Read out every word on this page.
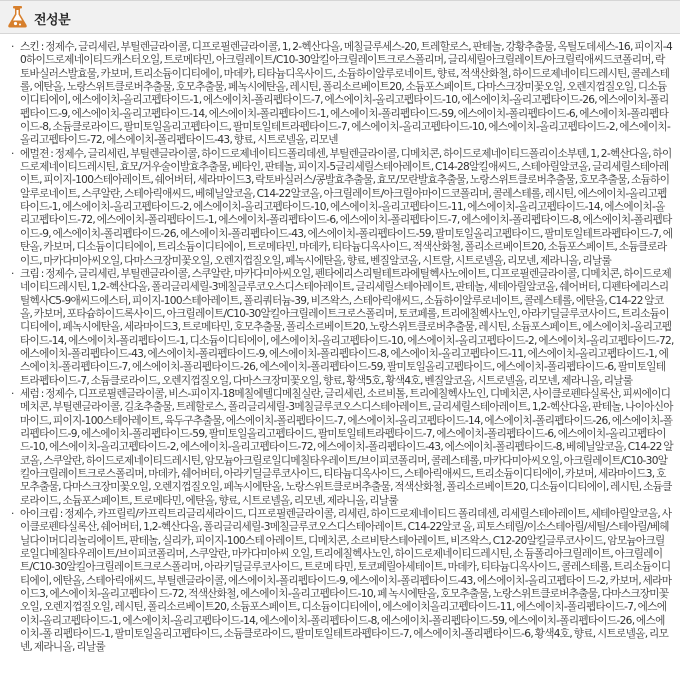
전성분

· 스킨 : 정제수, 글리세린, 부틸렌글라이콜, 디프로필렌글라이콜, 1, 2-헥산다올, 메칠글루세스-20, 트레할로스, 판테놀, 강황추출물, 옥틸도데세스-16, 피이지-40하이드로제네이티드캐스터오일, 트로메타민, 아크릴레이트/C10-30알킬아크릴레이트크로스폴리머, 글리세릴아크릴레이트/아크릴릭애씨드코폴리머, 락토바실러스발효물, 카보머, 트리소듐이디티에이, 마데카, 티타늄디옥사이드, 소듐하이알루로네이트, 향료, 적색산화철, 하이드로제네이티드레시틴, 콜레스테롤, 에탄올, 노랑스위트클로버추출물, 호모추출물, 페녹시에탄올, 레시틴, 폴리소르베이트20, 소듐포스페이트, 다마스크장미꽃오일, 오렌지껍질오일, 디소듐이디티에이, 에스에이치-올리고펩타이드-1, 에스에이치-폴리펩타이드-7, 에스에이치-올리고펩타이드-10, 에스에이치-올리고펩타이드-26, 에스에이치-폴리펩타이드-9, 에스에이치-올리고펩타이드-14, 에스에이치-폴리펩타이드-1, 에스에이치-폴리펩타이드-59, 에스에이치-폴리펩타이드-6, 에스에이치-폴리펩타이드-8, 소듐클로라이드, 팔미토일올리고펩타이드, 팔미토일테트라펩타이드-7, 에스에이치-올리고펩타이드-10, 에스에이치-올리고펩타이드-2, 에스에이치-올리고펩타이드-72, 에스에이치-폴리펩타이드-43, 향료, 시트로넬올, 리모넨

· 에멀젼 : 정제수, 글리세린, 부틸렌글라이콜, 하이드로제네이티드폴리데센, 부틸렌글라이콜, 디메치콘, 하이드로제네이티드폴리이소부텐, 1, 2-헥산다올, 하이드로제네이티드레시틴, 효모/거우술이발효추출물, 베타인, 판테놀, 피이지-5글리세릴스테아레이트, C14-28알킬애씨드, 스테아릴알코올, 글리세릴스테아레이트, 피이지-100스테아레이트, 쉐어버터, 세라마이드3, 락토바실러스/콩발효추출물, 효모/모란발효추출물, 노랑스위트클로버추출물, 호모추출물, 소듐하이알루로네이트, 스쿠알란, 스테아릭애씨드, 베헤닐알코올, C14-22알코올, 아크릴레이트/아크릴아마이드코폴리머, 콜레스테롤, 레시틴, 에스에이치-올리고펩타이드-1, 에스에이치-올리고펩타이드-2, 에스에이치-올리고펩타이드-10, 에스에이치-올리고펩타이드-11, 에스에이치-올리고펩타이드-14, 에스에이치-올리고펩타이드-72, 에스에이치-폴리펩타이드-1, 에스에이치-폴리펩타이드-6, 에스에이치-폴리펩타이드-7, 에스에이치-폴리펩타이드-8, 에스에이치-폴리펩타이드-9, 에스에이치-폴리펩타이드-26, 에스에이치-폴리펩타이드-43, 에스에이치-폴리펩타이드-59, 팔미토일올리고펩타이드, 팔미토일테트라펩타이드-7, 에탄올, 카보머, 디소듐이디티에이, 트리소듐이디티에이, 트로메타민, 마데카, 티타늄디옥사이드, 적색산화철, 폴리소르베이트20, 소듐포스페이트, 소듐클로라이드, 마카다미아씨오일, 다마스크장미꽃오일, 오렌지껍질오일, 페녹시에탄올, 향료, 벤질알코올, 시트랄, 시트로넬올, 리모넨, 제라니올, 리날룰

· 크림 : 정제수, 글리세린, 부틸렌글라이콜, 스쿠알란, 마카다미아씨오일, 펜타에리스리틸테트라에틸헥사노에이트, 디프로필렌글라이콜, 디메치콘, 하이드로제네이티드레시틴, 1,2-헥산다올, 폴리글리세릴-3메칠글루코오스디스테아레이트, 글리세릴스테아레이트, 판테놀, 세테아릴알코올, 쉐어버터, 디펜타에리스리틸헥사C5-9애씨드에스터, 피이지-100스테아레이트, 폴리쿼터늄-39, 비즈왁스, 스테아릭애씨드, 소듐하이알루로네이트, 콜레스테롤, 에탄올, C14-22 알코올, 카보머, 포타슘하이드록사이드, 아크릴레이트/C10-30알킬아크릴레이트크로스폴리머, 토코페롤, 트리에칠헥사노인, 아라키딜글루코사이드, 트리소듐이디티에이, 페녹시에탄올, 세라마이드3, 트로메타민, 호모추출물, 폴리소르베이트20, 노랑스위트클로버추출물, 레시틴, 소듐포스페이트, 에스에이치-올리고펩타이드-14, 에스에이치-폴리펩타이드-1, 디소듐이디티에이, 에스에이치-올리고펩타이드-10, 에스에이치-올리고펩타이드-2, 에스에이치-올리고펩타이드-72, 에스에이치-폴리펩타이드-43, 에스에이치-폴리펩타이드-9, 에스에이치-폴리펩타이드-8, 에스에이치-올리고펩타이드-11, 에스에이치-올리고펩타이드-1, 에스에이치-폴리펩타이드-7, 에스에이치-폴리펩타이드-26, 에스에이치-폴리펩타이드-59, 팔미토일올리고펩타이드, 에스에이치-폴리펩타이드-6, 팔미토일테트라펩타이드-7, 소듐클로라이드, 오렌지껍질오일, 다마스크장미꽃오일, 향료, 황색5호, 황색4호, 벤질알코올, 시트로넬올, 리모넨, 제라니올, 리날룰

· 세럼 : 정제수, 디프로필렌글라이콜, 비스-피이지-18메칠에텔디메칠실란, 글리세린, 소르비톨, 트리에칠헥사노인, 디메치콘, 사이클로펜타실록산, 피씨에이디메치콘, 부틸렌글라이콜, 길초추출물, 트레할로스, 폴리글리세릴-3메칠글루코오스디스테아레이트, 글리세릴스테아레이트, 1,2-헥산다올, 판테놀, 나이아신아마이드, 피이지-100스테아레이트, 육두구추출물, 에스에이치-폴리펩타이드-7, 에스에이치-올리고펩타이드-14, 에스에이치-폴리펩타이드-26, 에스에이치-폴리펩타이드-9, 에스에이치-폴리펩타이드-59, 팔미토일올리고펩타이드, 팔미토일테트라펩타이드-7, 에스에이치-폴리펩타이드-6, 에스에이치-올리고펩타이드-10, 에스에이치-올리고펩타이드-2, 에스에이치-올리고펩타이드-72, 에스에이치-폴리펩타이드-43, 에스에이치-폴리펩타이드-8, 베헤닐알코올, C14-22 알코올, 스쿠알란, 하이드로제네이티드레시틴, 암모늄아크릴로일디메칠타우레이트/브이피코폴리머, 콜레스테롤, 마카다미아씨오일, 아크릴레이트/C10-30알킬아크릴레이트크로스폴리머, 마데카, 쉐어버터, 아라키딜글루코사이드, 티타늄디옥사이드, 스테아릭애씨드, 트리소듐이디티에이, 카보머, 세라마이드3, 호모추출물, 다마스크장미꽃오일, 오렌지껍질오일, 페녹시에탄올, 노랑스위트클로버추출물, 적색산화철, 폴리소르베이트20, 디소듐이디티에이, 레시틴, 소듐클로라이드, 소듐포스페이트, 트로메타민, 에탄올, 향료, 시트로넬올, 리모넨, 제라니올, 리날룰

· 아이크림 : 정제수, 카프릴릭/카프릭트리글리세라이드, 디프로필렌글라이콜, 리세린, 하이드로제네이티드 폴리데센, 리세릴스테아레이트, 세테아릴알코올, 사이클로펜타실록산, 쉐어버터, 1,2-헥산다올, 폴리글리세릴-3메칠글루코오스디스테아레이트, C14-22알코 올, 피토스테릴/이소스테아릴/세틸/스테아릴/베헤닐다이머디리놀리에이트, 판테놀, 실리카, 피이지-100스테 아레이트, 디메치콘, 소르비탄스테아레이트, 비즈왁스, C12-20알킬글루코사이드, 암모늄아크릴로일디메칠타우레이트/브이피코폴리머, 스쿠알란, 마카다미아씨 오일, 트리에칠헥사노인, 하이드로제네이티드레시틴, 소 듐폴리아크릴레이트, 아크릴레이트/C10-30알킬아크릴레이트크로스폴리머, 아라키딜글루코사이드, 트로메 타민, 토코페릴아세테이트, 마데카, 티타늄디옥사이드, 콜레스테롤, 트리소듐이디티에이, 에탄올, 스테아릭애씨드, 부틸렌글라이콜, 에스에이치-폴리펩타이드-9, 에스에이치-폴리펩타이드-43, 에스에이치-올리고펩타이 드-2, 카보머, 세라마이드3, 에스에이치-올리고펩타이 드-72, 적색산화철, 에스에이치-올리고펩타이드-10, 페 녹시에탄올, 호모추출물, 노랑스위트클로버추출물, 다마스크장미꽃오일, 오렌지껍질오일, 레시틴, 폴리소르베이트20, 소듐포스페이트, 디소듐이디티에이, 에스에이치올리고펩타이드-11, 에스에이치-폴리펩타이드-7, 에스에 이치-올리고펩타이드-1, 에스에이치-올리고펩타이드-14, 에스에이치-폴리펩타이드-8, 에스에이치-폴리펩타이드-59, 에스에이치-폴리펩타이드-26, 에스에이치-폴 리펩타이드-1, 팔미토일올리고펩타이드, 소듐클로라이드, 팔미토일테트라펩타이드-7, 에스에이치-폴리펩타이드-6, 황색4호, 향료, 시트로넬올, 리모넨, 제라니올, 리날룰
